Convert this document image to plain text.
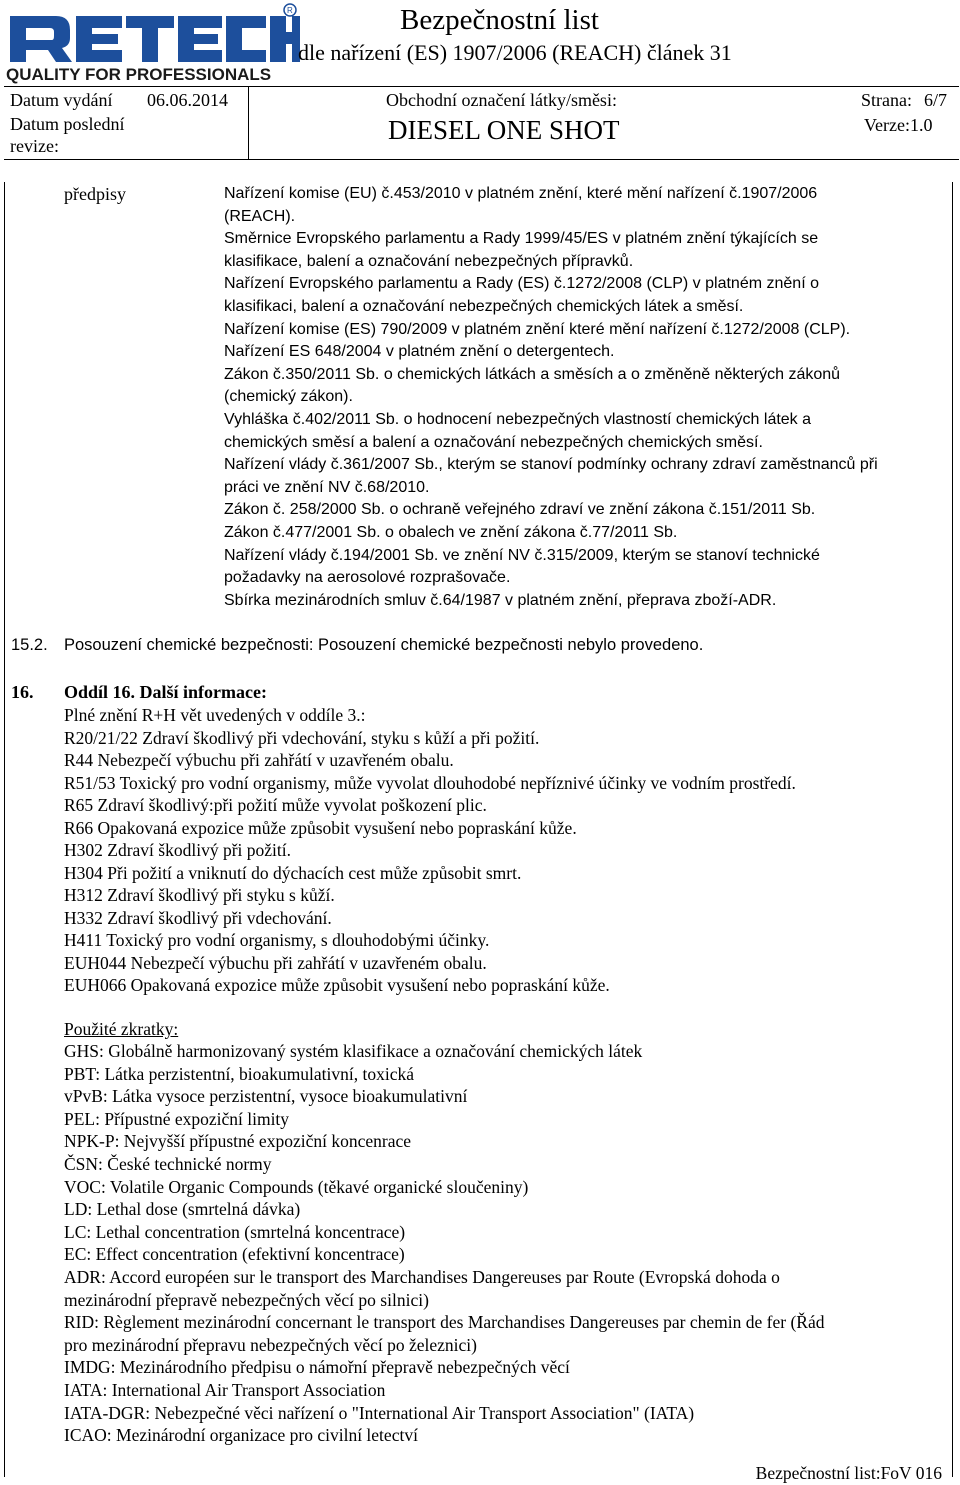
R
QUALITY FOR PROFESSIONALS
Bezpečnostní list
dle nařízení (ES) 1907/2006 (REACH) článek 31
Datum vydání 06.06.2014	Obchodní označení látky/směsi:	Strana: 6/7
Datum poslední
revize:
DIESEL ONE SHOT	Verze:1.0
předpisy	Nařízení komise (EU) č.453/2010 v platném znění, které mění nařízení č.1907/2006
(REACH).
Směrnice Evropského parlamentu a Rady 1999/45/ES v platném znění týkajících se
klasifikace, balení a označování nebezpečných přípravků.
Nařízení Evropského parlamentu a Rady (ES) č.1272/2008 (CLP) v platném znění o
klasifikaci, balení a označování nebezpečných chemických látek a směsí.
Nařízení komise (ES) 790/2009 v platném znění které mění nařízení č.1272/2008 (CLP).
Nařízení ES 648/2004 v platném znění o detergentech.
Zákon č.350/2011 Sb. o chemických látkách a směsích a o změněně některých zákonů
(chemický zákon).
Vyhláška č.402/2011 Sb. o hodnocení nebezpečných vlastností chemických látek a
chemických směsí a balení a označování nebezpečných chemických směsí.
Nařízení vlády č.361/2007 Sb., kterým se stanoví podmínky ochrany zdraví zaměstnanců při
práci ve znění NV č.68/2010.
Zákon č. 258/2000 Sb. o ochraně veřejného zdraví ve znění zákona č.151/2011 Sb.
Zákon č.477/2001 Sb. o obalech ve znění zákona č.77/2011 Sb.
Nařízení vlády č.194/2001 Sb. ve znění NV č.315/2009, kterým se stanoví technické
požadavky na aerosolové rozprašovače.
Sbírka mezinárodních smluv č.64/1987 v platném znění, přeprava zboží-ADR.
15.2. Posouzení chemické bezpečnosti: Posouzení chemické bezpečnosti nebylo provedeno.
16. Oddíl 16. Další informace:
Plné znění R+H vět uvedených v oddíle 3.:
R20/21/22 Zdraví škodlivý při vdechování, styku s kůží a při požití.
R44 Nebezpečí výbuchu při zahřátí v uzavřeném obalu.
R51/53 Toxický pro vodní organismy, může vyvolat dlouhodobé nepříznivé účinky ve vodním prostředí.
R65 Zdraví škodlivý:při požití může vyvolat poškození plic.
R66 Opakovaná expozice může způsobit vysušení nebo popraskání kůže.
H302 Zdraví škodlivý při požití.
H304 Při požití a vniknutí do dýchacích cest může způsobit smrt.
H312 Zdraví škodlivý při styku s kůží.
H332 Zdraví škodlivý při vdechování.
H411 Toxický pro vodní organismy, s dlouhodobými účinky.
EUH044 Nebezpečí výbuchu při zahřátí v uzavřeném obalu.
EUH066 Opakovaná expozice může způsobit vysušení nebo popraskání kůže.
Použité zkratky:
GHS: Globálně harmonizovaný systém klasifikace a označování chemických látek
PBT: Látka perzistentní, bioakumulativní, toxická
vPvB: Látka vysoce perzistentní, vysoce bioakumulativní
PEL: Přípustné expoziční limity
NPK-P: Nejvyšší přípustné expoziční koncenrace
ČSN: České technické normy
VOC: Volatile Organic Compounds (těkavé organické sloučeniny)
LD: Lethal dose (smrtelná dávka)
LC: Lethal concentration (smrtelná koncentrace)
EC: Effect concentration (efektivní koncentrace)
ADR: Accord européen sur le transport des Marchandises Dangereuses par Route (Evropská dohoda o
mezinárodní přepravě nebezpečných věcí po silnici)
RID: Règlement mezinárodní concernant le transport des Marchandises Dangereuses par chemin de fer (Řád
pro mezinárodní přepravu nebezpečných věcí po železnici)
IMDG: Mezinárodního předpisu o námořní přepravě nebezpečných věcí
IATA: International Air Transport Association
IATA-DGR: Nebezpečné věci nařízení o "International Air Transport Association" (IATA)
ICAO: Mezinárodní organizace pro civilní letectví
Bezpečnostní list:FoV 016
